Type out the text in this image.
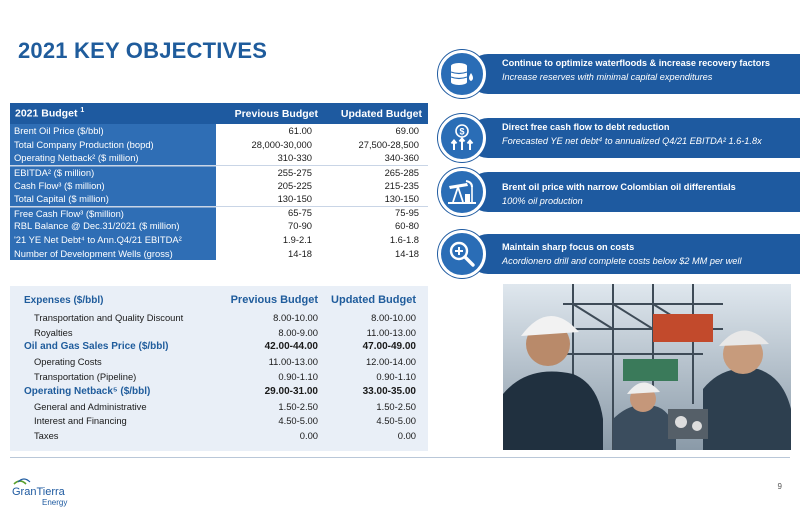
2021 KEY OBJECTIVES
2021 Budget $^1$	Previous Budget	Updated Budget
Brent Oil Price ($/bbl)	61.00	69.00
Total Company Production (bopd)	28,000-30,000	27,500-28,500
Operating Netback² ($ million)	310-330	340-360
EBITDA² ($ million)	255-275	265-285
Cash Flow³ ($ million)	205-225	215-235
Total Capital ($ million)	130-150	130-150
Free Cash Flow³ ($million)	65-75	75-95
RBL Balance @ Dec.31/2021 ($ million)	70-90	60-80
'21 YE Net Debt⁴ to Ann.Q4/21 EBITDA²	1.9-2.1	1.6-1.8
Number of Development Wells (gross)	14-18	14-18
Expenses ($/bbl)	Previous Budget	Updated Budget
Transportation and Quality Discount	8.00-10.00	8.00-10.00
Royalties	8.00-9.00	11.00-13.00
Oil and Gas Sales Price ($/bbl)	42.00-44.00	47.00-49.00
Operating Costs	11.00-13.00	12.00-14.00
Transportation (Pipeline)	0.90-1.10	0.90-1.10
Operating Netback⁵ ($/bbl)	29.00-31.00	33.00-35.00
General and Administrative	1.50-2.50	1.50-2.50
Interest and Financing	4.50-5.00	4.50-5.00
Taxes	0.00	0.00
Continue to optimize waterfloods & increase recovery factors
Increase reserves with minimal capital expenditures
$	Direct free cash flow to debt reduction
Forecasted YE net debt⁴ to annualized Q4/21 EBITDA² 1.6-1.8x
Brent oil price with narrow Colombian oil differentials
100% oil production
Maintain sharp focus on costs
Acordionero drill and complete costs below $2 MM per well
GranTierra
Energy

9
